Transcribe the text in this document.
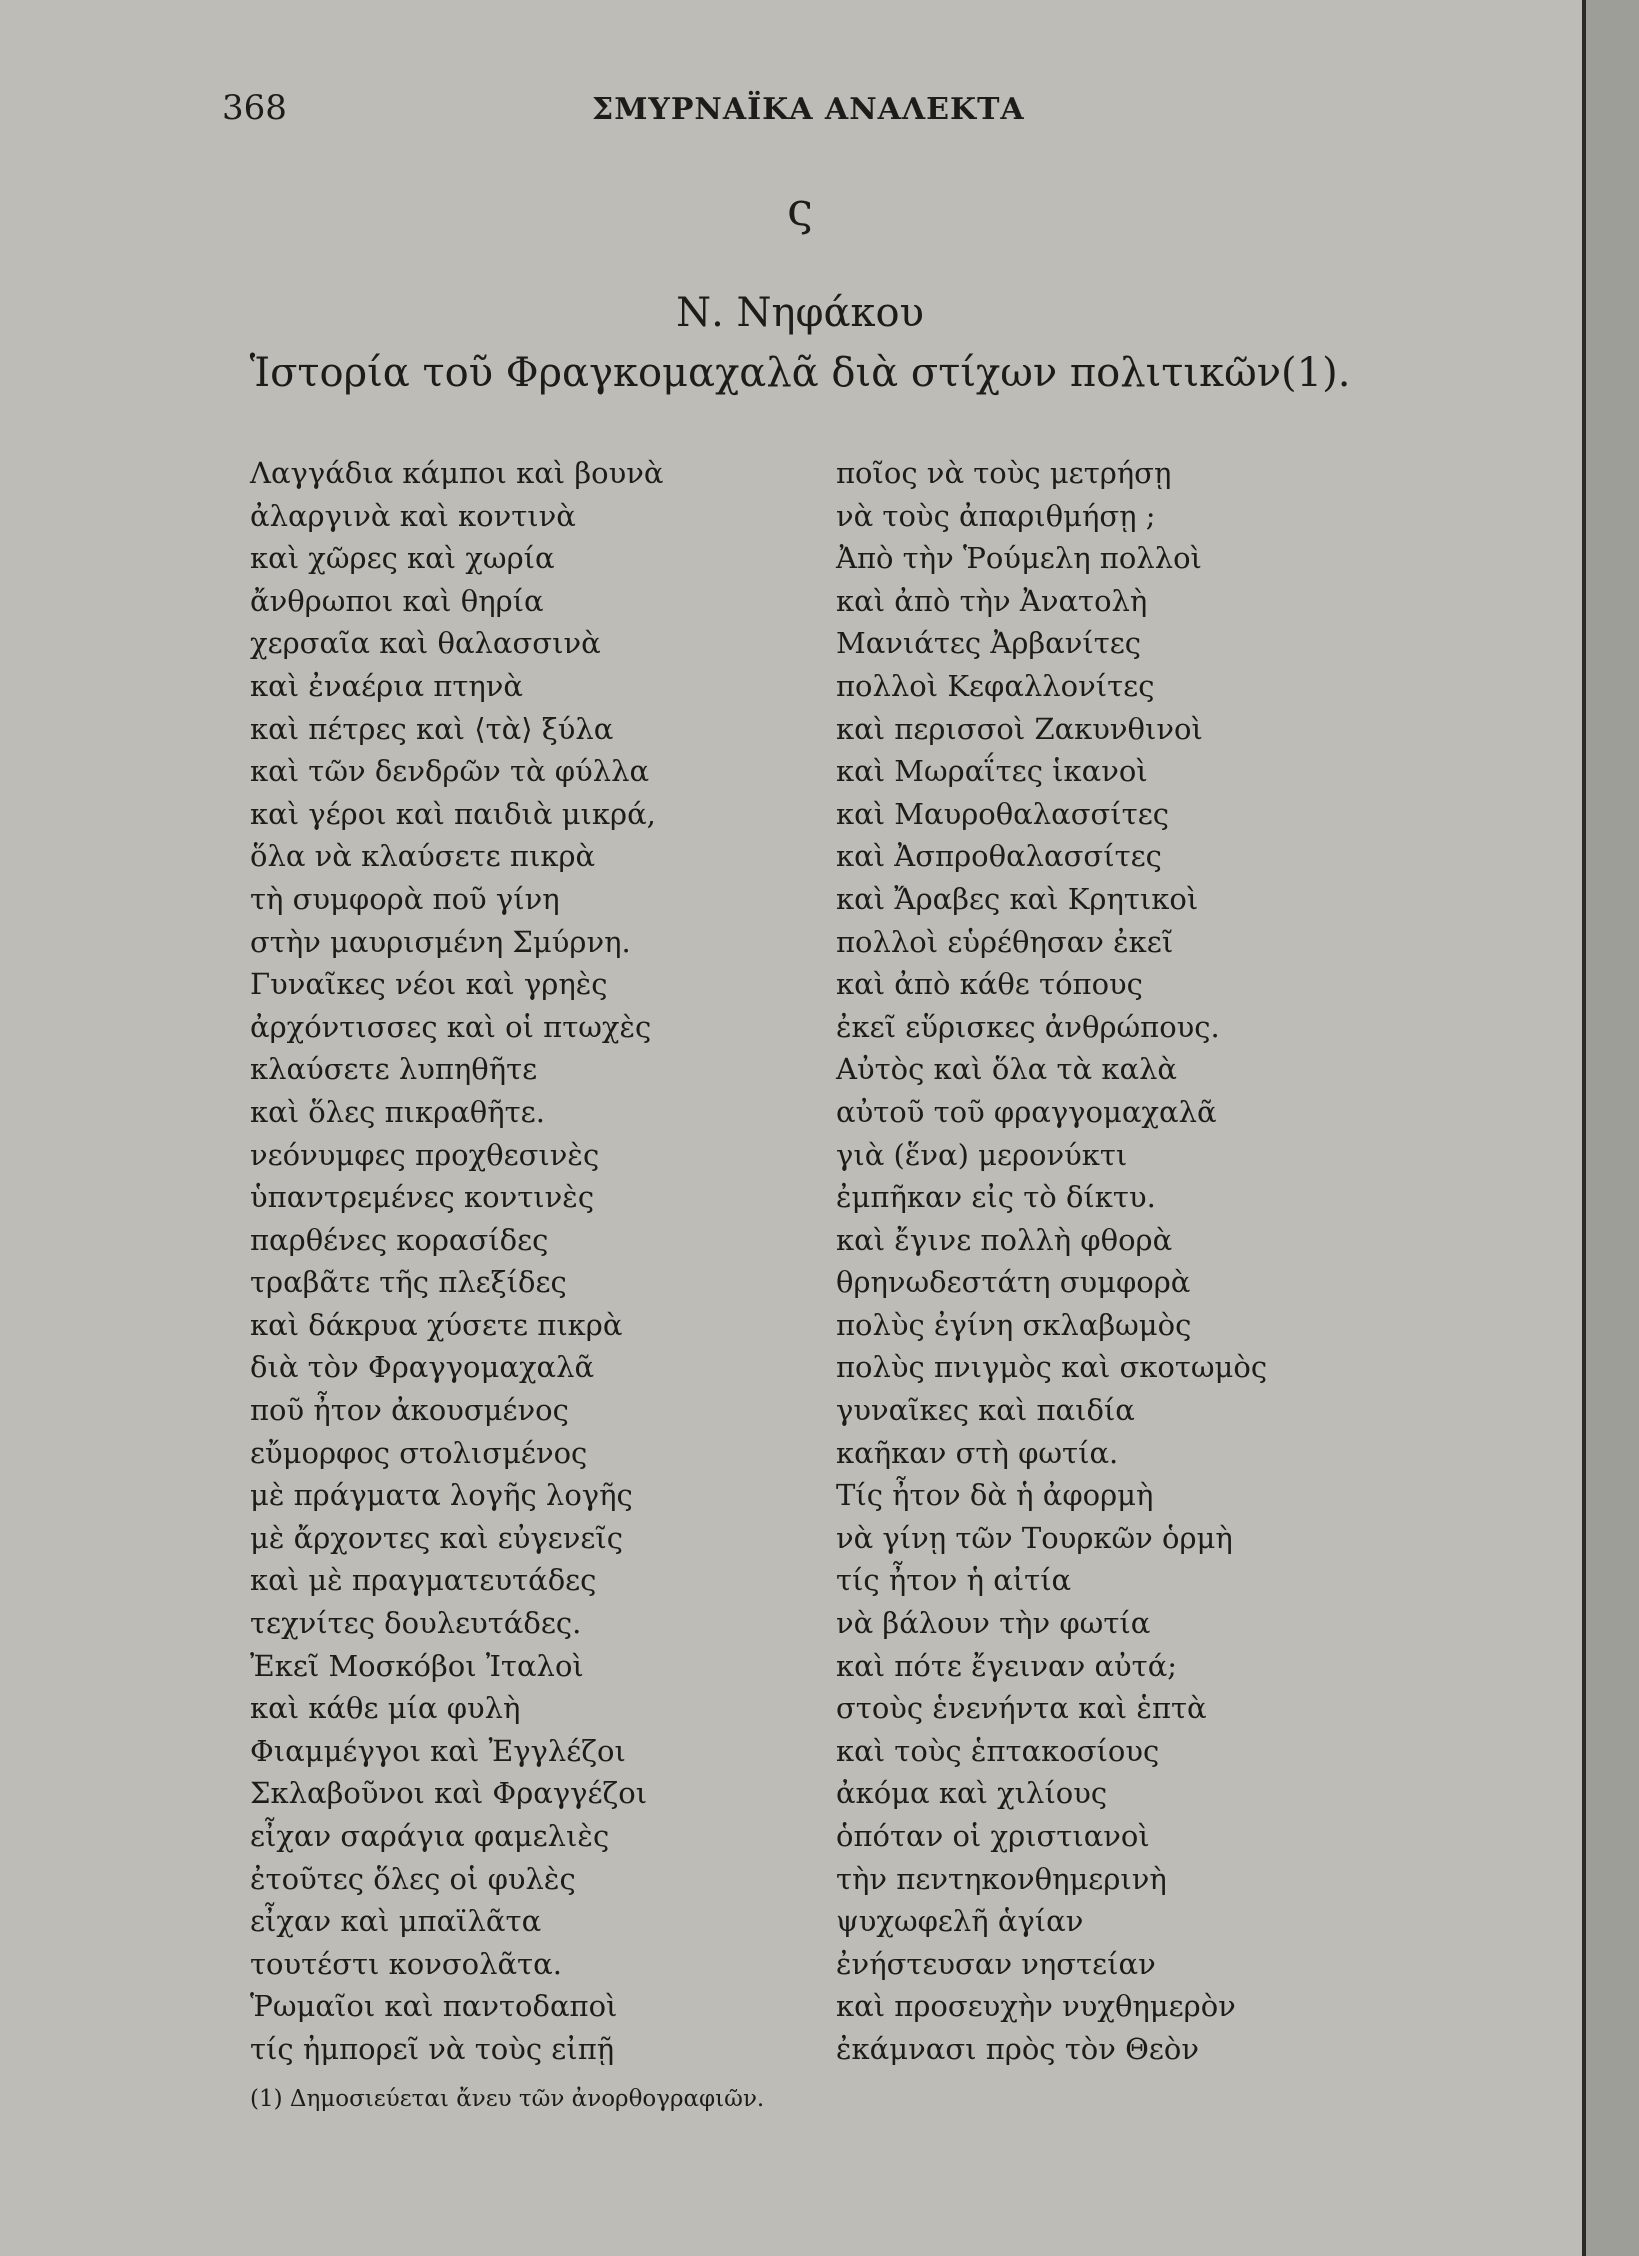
368	ΣΜΥΡΝΑΪΚΑ ΑΝΑΛΕΚΤΑ
ς
Ν. Νηφάκου
Ἱστορία τοῦ Φραγκομαχαλᾶ διὰ στίχων πολιτικῶν(1).
Λαγγάδια κάμποι καὶ βουνὰ
ἀλαργινὰ καὶ κοντινὰ
καὶ χῶρες καὶ χωρία
ἄνθρωποι καὶ θηρία
χερσαῖα καὶ θαλασσινὰ
καὶ ἐναέρια πτηνὰ
καὶ πέτρες καὶ ⟨τὰ⟩ ξύλα
καὶ τῶν δενδρῶν τὰ φύλλα
καὶ γέροι καὶ παιδιὰ μικρά,
ὅλα νὰ κλαύσετε πικρὰ
τὴ συμφορὰ ποῦ γίνη
στὴν μαυρισμένη Σμύρνη.
Γυναῖκες νέοι καὶ γρηὲς
ἀρχόντισσες καὶ οἱ πτωχὲς
κλαύσετε λυπηθῆτε
καὶ ὅλες πικραθῆτε.
νεόνυμφες προχθεσινὲς
ὑπαντρεμένες κοντινὲς
παρθένες κορασίδες
τραβᾶτε τῆς πλεξίδες
καὶ δάκρυα χύσετε πικρὰ
διὰ τὸν Φραγγομαχαλᾶ
ποῦ ἦτον ἀκουσμένος
εὔμορφος στολισμένος
μὲ πράγματα λογῆς λογῆς
μὲ ἄρχοντες καὶ εὐγενεῖς
καὶ μὲ πραγματευτάδες
τεχνίτες δουλευτάδες.
Ἐκεῖ Μοσκόβοι Ἰταλοὶ
καὶ κάθε μία φυλὴ
Φιαμμέγγοι καὶ Ἐγγλέζοι
Σκλαβοῦνοι καὶ Φραγγέζοι
εἶχαν σαράγια φαμελιὲς
ἐτοῦτες ὅλες οἱ φυλὲς
εἶχαν καὶ μπαϊλᾶτα
τουτέστι κονσολᾶτα.
Ῥωμαῖοι καὶ παντοδαποὶ
τίς ἠμπορεῖ νὰ τοὺς εἰπῇ
ποῖος νὰ τοὺς μετρήσῃ
νὰ τοὺς ἀπαριθμήσῃ ;
Ἀπὸ τὴν Ῥούμελη πολλοὶ
καὶ ἀπὸ τὴν Ἀνατολὴ
Μανιάτες Ἀρβανίτες
πολλοὶ Κεφαλλονίτες
καὶ περισσοὶ Ζακυνθινοὶ
καὶ Μωραΐτες ἱκανοὶ
καὶ Μαυροθαλασσίτες
καὶ Ἀσπροθαλασσίτες
καὶ Ἄραβες καὶ Κρητικοὶ
πολλοὶ εὑρέθησαν ἐκεῖ
καὶ ἀπὸ κάθε τόπους
ἐκεῖ εὕρισκες ἀνθρώπους.
Αὐτὸς καὶ ὅλα τὰ καλὰ
αὐτοῦ τοῦ φραγγομαχαλᾶ
γιὰ (ἕνα) μερονύκτι
ἐμπῆκαν εἰς τὸ δίκτυ.
καὶ ἔγινε πολλὴ φθορὰ
θρηνωδεστάτη συμφορὰ
πολὺς ἐγίνη σκλαβωμὸς
πολὺς πνιγμὸς καὶ σκοτωμὸς
γυναῖκες καὶ παιδία
καῆκαν στὴ φωτία.
Τίς ἦτον δὰ ἡ ἀφορμὴ
νὰ γίνῃ τῶν Τουρκῶν ὁρμὴ
τίς ἦτον ἡ αἰτία
νὰ βάλουν τὴν φωτία
καὶ πότε ἔγειναν αὐτά;
στοὺς ἑνενήντα καὶ ἑπτὰ
καὶ τοὺς ἑπτακοσίους
ἀκόμα καὶ χιλίους
ὁπόταν οἱ χριστιανοὶ
τὴν πεντηκονθημερινὴ
ψυχωφελῆ ἁγίαν
ἐνήστευσαν νηστείαν
καὶ προσευχὴν νυχθημερὸν
ἐκάμνασι πρὸς τὸν Θεὸν
(1) Δημοσιεύεται ἄνευ τῶν ἀνορθογραφιῶν.
